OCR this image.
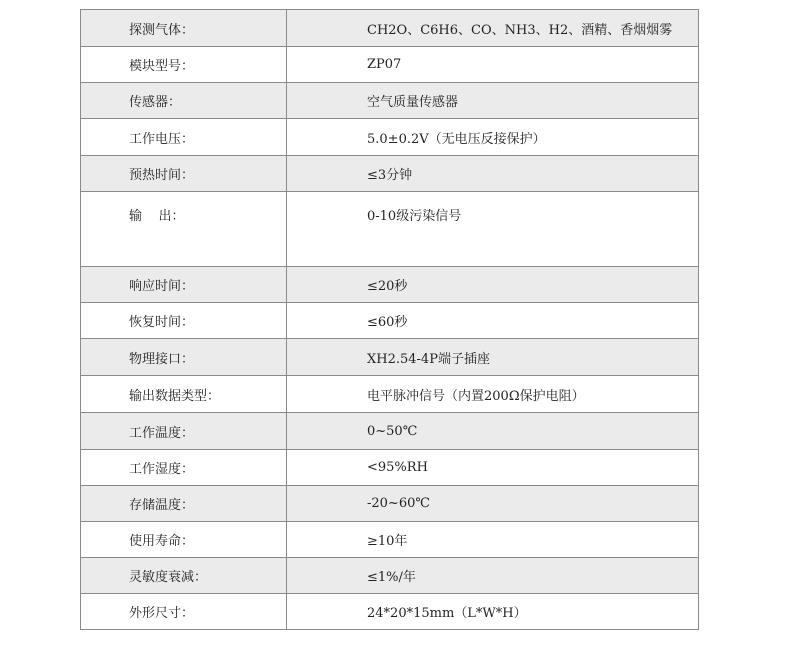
探测气体：	CH2O、C6H6、CO、NH3、H2、酒精、香烟烟雾
模块型号：	ZP07
传感器：	空气质量传感器
工作电压：	5.0±0.2V（无电压反接保护）
预热时间：	≤3分钟
输    出：	0-10级污染信号
响应时间：	≤20秒
恢复时间：	≤60秒
物理接口：	XH2.54-4P端子插座
输出数据类型：	电平脉冲信号（内置200Ω保护电阻）
工作温度：	0~50℃
工作湿度：	<95%RH
存储温度：	-20~60℃
使用寿命：	≥10年
灵敏度衰减：	≤1%/年
外形尺寸：	24*20*15mm（L*W*H）
